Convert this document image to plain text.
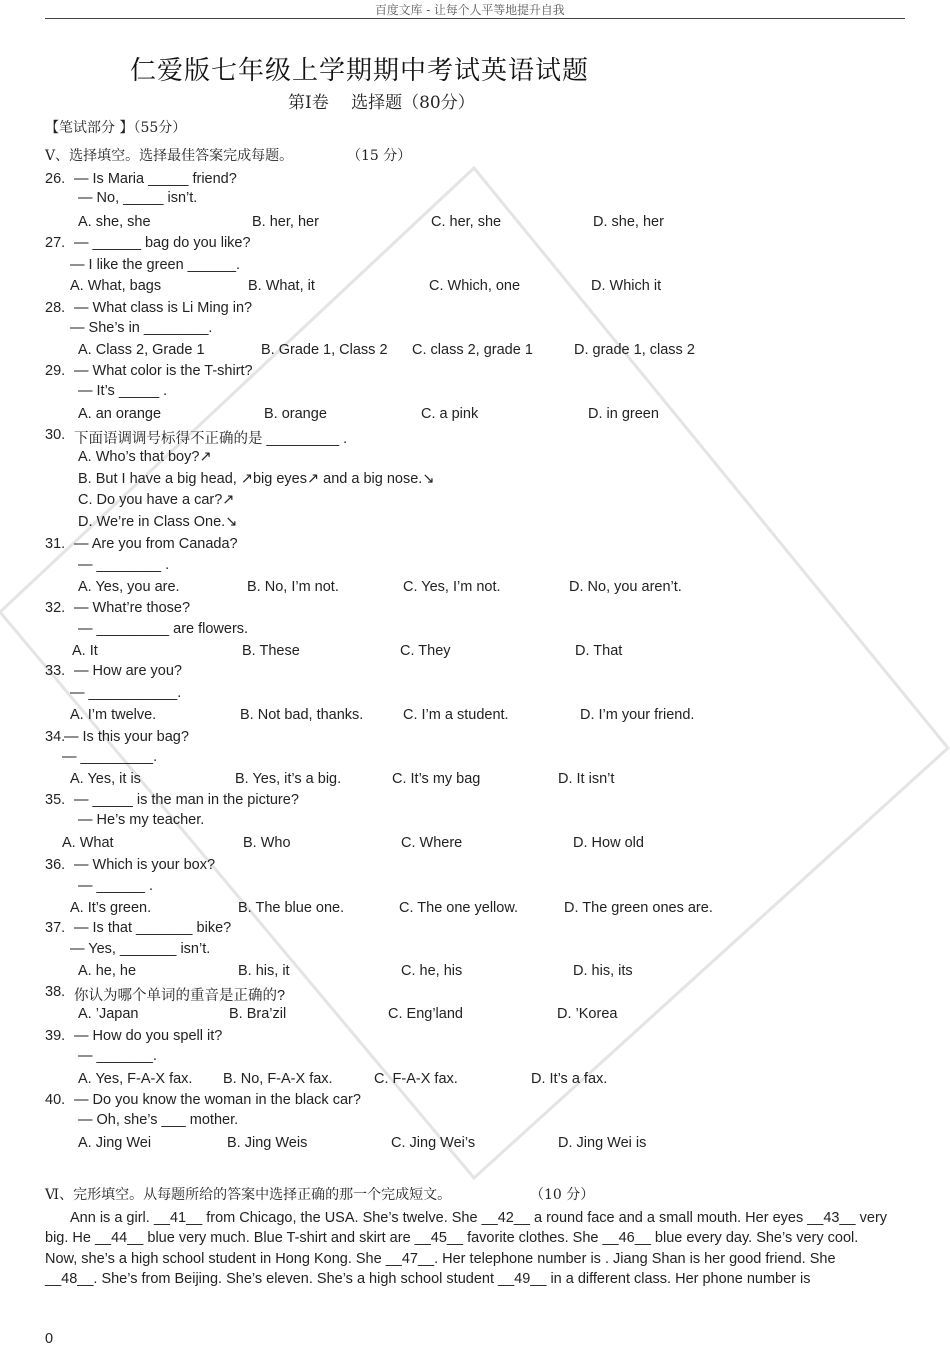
百度文库 - 让每个人平等地提升自我
仁爱版七年级上学期期中考试英语试题
第Ⅰ卷　 选择题（80分）
【笔试部分 】（55分）
Ⅴ、选择填空。选择最佳答案完成每题。	（15 分）
26. — Is Maria _____ friend?
— No, _____ isn’t.
A. she, she	B. her, her	C. her, she	D. she, her
27. — ______ bag do you like?
— I like the green ______.
A. What, bags	B. What, it	C. Which, one	D. Which it
28. — What class is Li Ming in?
— She’s in ________.
A. Class 2, Grade 1	B. Grade 1, Class 2 C. class 2, grade 1	D. grade 1, class 2
29. — What color is the T-shirt?
— It’s _____ .
A. an orange	B. orange	C. a pink	D. in green
30. 下面语调调号标得不正确的是 _________ .
A. Who’s that boy?↗
B. But I have a big head, ↗big eyes↗ and a big nose.↘
C. Do you have a car?↗
D. We’re in Class One.↘
31. — Are you from Canada?
— ________ .
A. Yes, you are.	B. No, I’m not.	C. Yes, I’m not.	D. No, you aren’t.
32. — What’re those?
— _________ are flowers.
A. It	B. These	C. They	D. That
33. — How are you?
— ___________.
A. I’m twelve.	B. Not bad, thanks.	C. I’m a student.	D. I’m your friend.
34.
— Is this your bag?
— _________.
A. Yes, it is	B. Yes, it’s a big.	C. It’s my bag	D. It isn’t
35. — _____ is the man in the picture?
— He’s my teacher.
A. What	B. Who	C. Where	D. How old
36. — Which is your box?
— ______ .
A. It’s green.	B. The blue one.	C. The one yellow.	D. The green ones are.
37. — Is that _______ bike?
— Yes, _______ isn’t.
A. he, he	B. his, it	C. he, his	D. his, its
38. 你认为哪个单词的重音是正确的?
A. ’Japan	B. Bra’zil	C. Eng’land	D. ’Korea
39. — How do you spell it?
— _______.
A. Yes, F-A-X fax. B. No, F-A-X fax.	C. F-A-X fax.	D. It’s a fax.
40. — Do you know the woman in the black car?
— Oh, she’s ___ mother.
A. Jing Wei	B. Jing Weis	C. Jing Wei’s	D. Jing Wei is
Ⅵ、完形填空。从每题所给的答案中选择正确的那一个完成短文。	（10 分）
Ann is a girl. __41__ from Chicago, the USA. She’s twelve. She __42__ a round face and a small mouth. Her eyes __43__ very
big. He __44__ blue very much. Blue T-shirt and skirt are __45__ favorite clothes. She __46__ blue every day. She’s very cool.
Now, she’s a high school student in Hong Kong. She __47__. Her telephone number is . Jiang Shan is her good friend. She
__48__. She’s from Beijing. She’s eleven. She’s a high school student __49__ in a different class. Her phone number is
0
